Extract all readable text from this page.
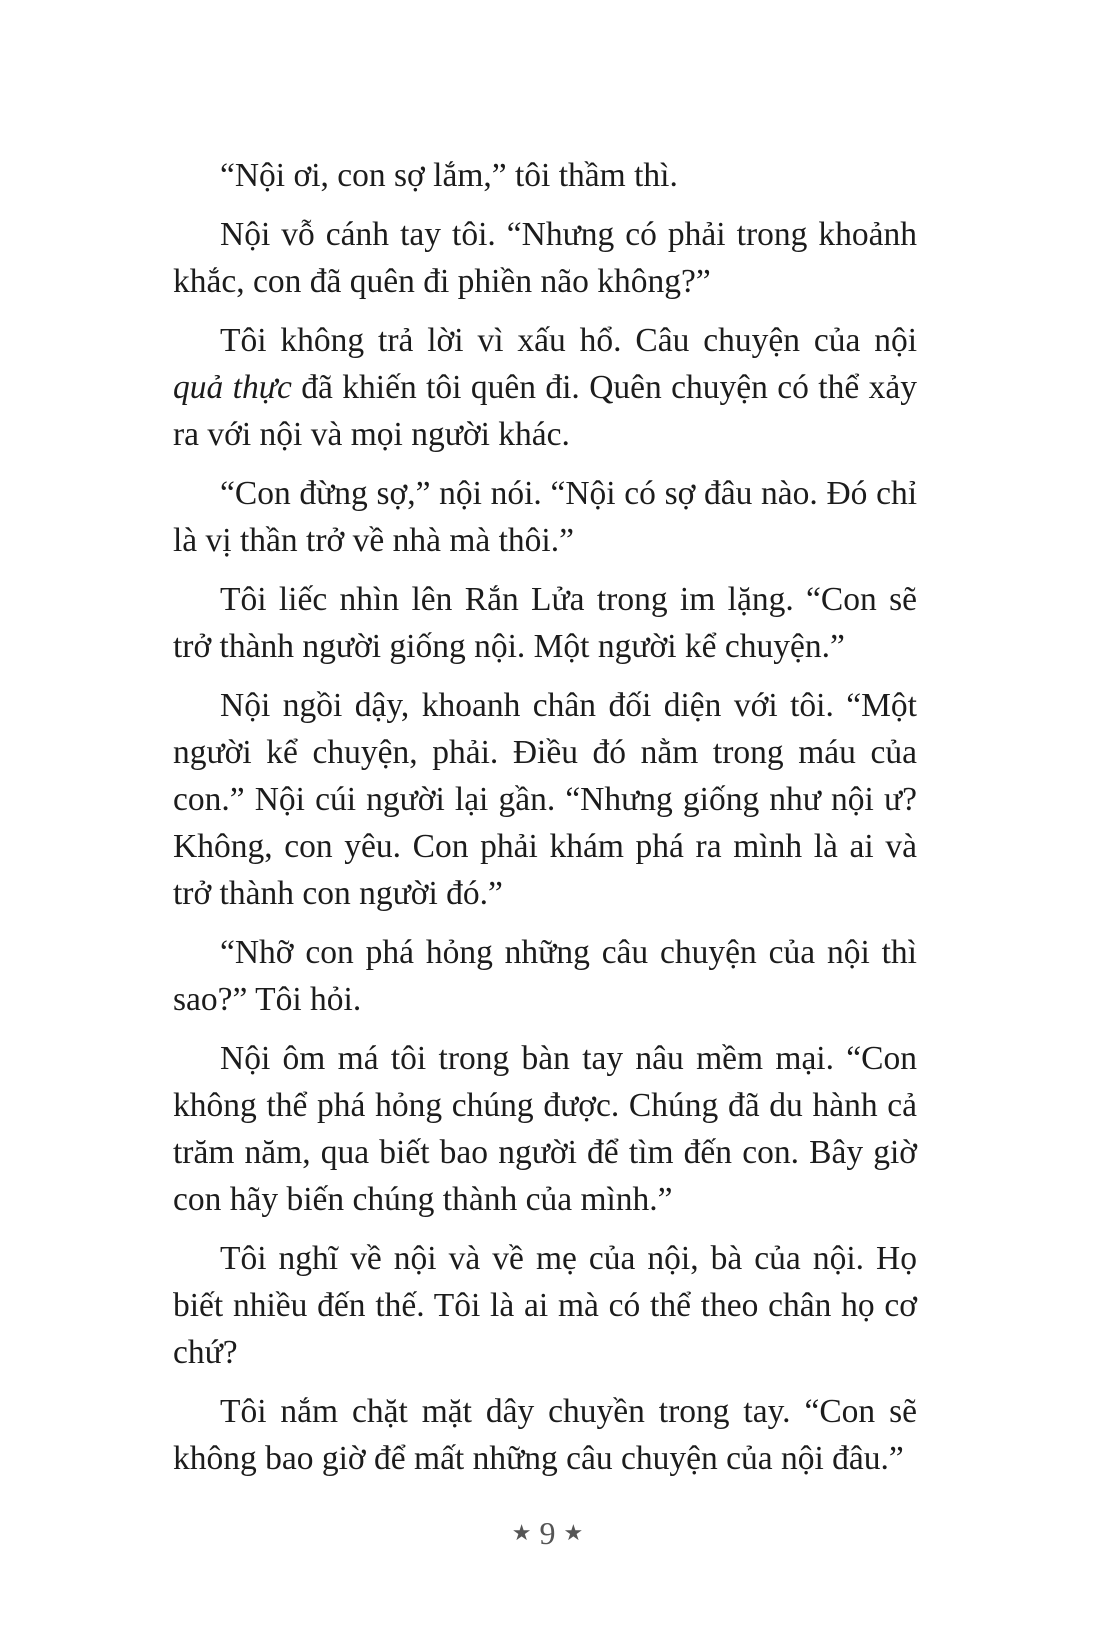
“Nội ơi, con sợ lắm,” tôi thầm thì.

Nội vỗ cánh tay tôi. “Nhưng có phải trong khoảnh khắc, con đã quên đi phiền não không?”

Tôi không trả lời vì xấu hổ. Câu chuyện của nội quả thực đã khiến tôi quên đi. Quên chuyện có thể xảy ra với nội và mọi người khác.

“Con đừng sợ,” nội nói. “Nội có sợ đâu nào. Đó chỉ là vị thần trở về nhà mà thôi.”

Tôi liếc nhìn lên Rắn Lửa trong im lặng. “Con sẽ trở thành người giống nội. Một người kể chuyện.”

Nội ngồi dậy, khoanh chân đối diện với tôi. “Một người kể chuyện, phải. Điều đó nằm trong máu của con.” Nội cúi người lại gần. “Nhưng giống như nội ư? Không, con yêu. Con phải khám phá ra mình là ai và trở thành con người đó.”

“Nhỡ con phá hỏng những câu chuyện của nội thì sao?” Tôi hỏi.

Nội ôm má tôi trong bàn tay nâu mềm mại. “Con không thể phá hỏng chúng được. Chúng đã du hành cả trăm năm, qua biết bao người để tìm đến con. Bây giờ con hãy biến chúng thành của mình.”

Tôi nghĩ về nội và về mẹ của nội, bà của nội. Họ biết nhiều đến thế. Tôi là ai mà có thể theo chân họ cơ chứ?

Tôi nắm chặt mặt dây chuyền trong tay. “Con sẽ không bao giờ để mất những câu chuyện của nội đâu.”

★ 9 ★
